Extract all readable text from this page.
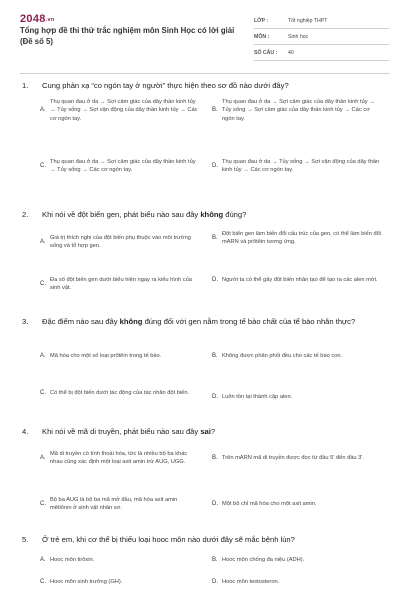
2048.vn
Tổng hợp đề thi thử trắc nghiệm môn Sinh Học có lời giải (Đề số 5)
LỚP :	Tốt nghiệp THPT
MÔN :	Sinh học
SỐ CÂU :	40
1.	Cung phản xạ “co ngón tay ở người” thực hiện theo sơ đồ nào dưới đây?
A.
Thụ quan đau ở da → Sợi cảm giác của dây thần kinh tủy → Tủy sống → Sợi vận động của dây thần kinh tủy → Các cơ ngón tay.
B.
Thụ quan đau ở da → Sợi cảm giác của dây thần kinh tủy → Tủy sống → Sợi cảm giác của dây thần kinh tủy → Các cơ ngón tay.
C.
Thụ quan đau ở da → Sợi cảm giác của dây thần kinh tủy → Tủy sống → Các cơ ngón tay.
D.
Thụ quan đau ở da → Tủy sống → Sợi vận động của dây thần kinh tủy → Các cơ ngón tay.
2.	Khi nói về đột biến gen, phát biểu nào sau đây không đúng?
A.
Giá trị thích nghi của đột biến phụ thuộc vào môi trường sống và tổ hợp gen.
B.
Đột biến gen làm biến đổi cấu trúc của gen, có thể làm biến đổi mARN và prôtêin tương ứng.
C.
Đa số đột biến gen dưới biểu hiện ngay ra kiểu hình của sinh vật.
D. Người ta có thể gây đột biến nhân tạo để tạo ra các alen mới.
3.	Đặc điểm nào sau đây không đúng đối với gen nằm trong tế bào chất của tế bào nhân thực?
A. Mã hóa cho một số loại prôtêin trong tế bào.	B. Không được phân phối đều cho các tế bào con.
C. Có thể bị đột biến dưới tác động của tác nhân đột biến.
D. Luôn tồn tại thành cặp alen.
4.	Khi nói về mã di truyền, phát biểu nào sau đây sai?
A.
Mã di truyền có tính thoái hóa, tức là nhiều bộ ba khác nhau cùng xác định một loại axit amin trừ AUG, UGG.
B. Trên mARN mã di truyền được đọc từ đầu 5' đến đầu 3'.
C.
Bộ ba AUG là bộ ba mã mở đầu, mã hóa axit amin mêtiônin ở sinh vật nhân sơ.
D. Một bộ chỉ mã hóa cho một axit amin.
5.	Ở trẻ em, khi cơ thể bị thiếu loại hooc môn nào dưới đây sẽ mắc bệnh lùn?
A. Hooc môn tirôxin.	B. Hooc môn chống đa niệu (ADH).
C. Hooc môn sinh trưởng (GH).	D. Hooc môn testosteron.
